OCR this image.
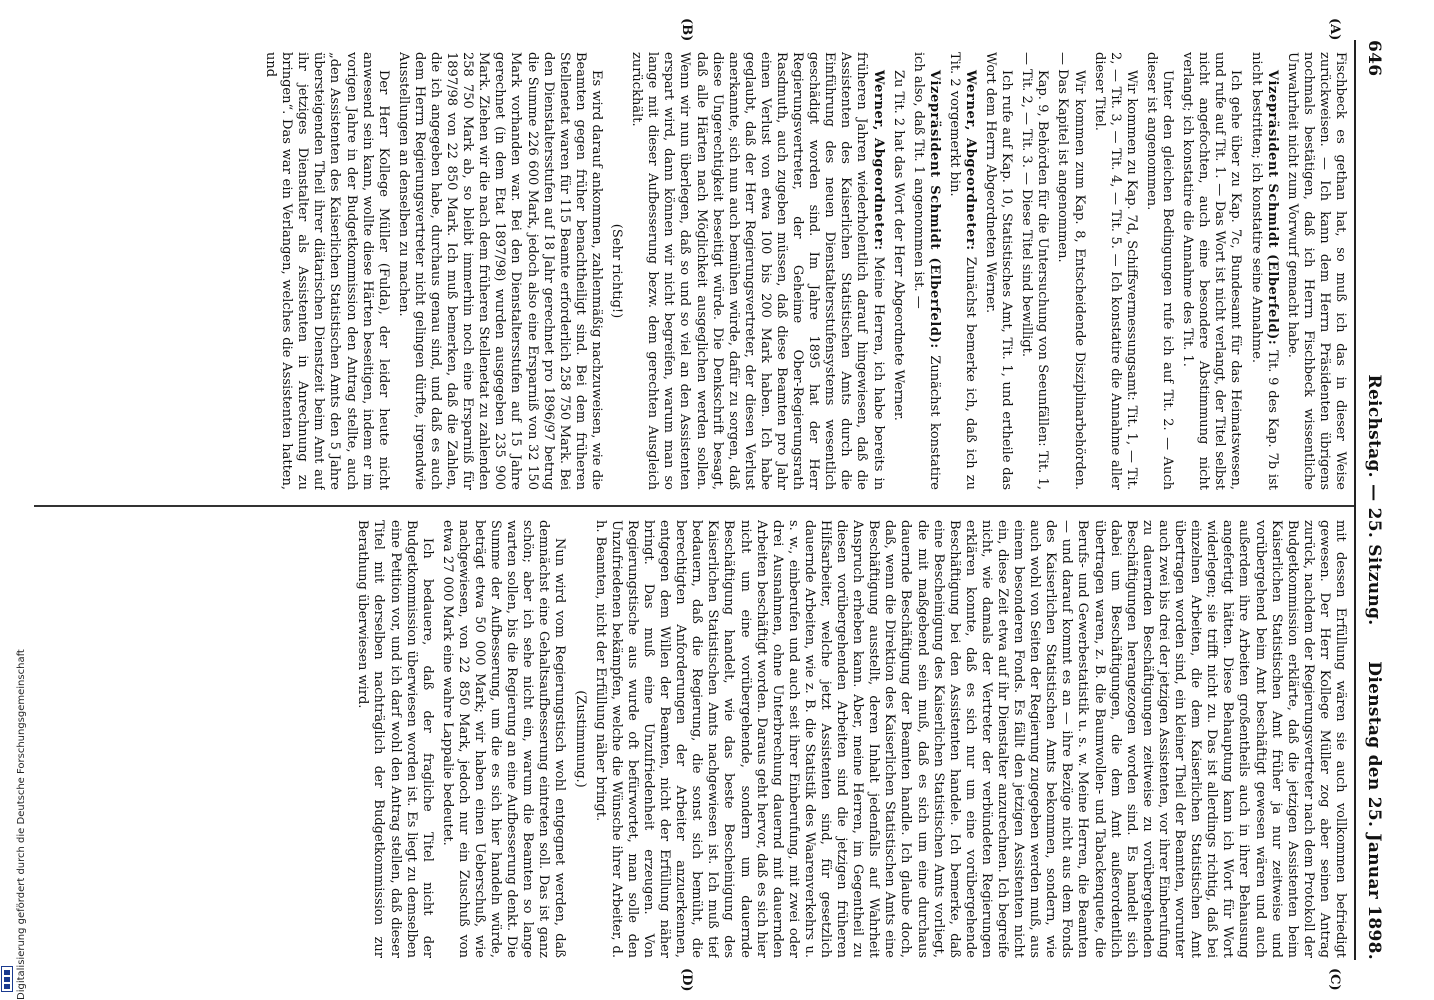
Digitalisierung gefördert durch die Deutsche Forschungsgemeinschaft
646
Reichstag. — 25. Sitzung.
Dienstag den 25. Januar 1898.
(A)
(B)
(C)
(D)

Fischbeck es gethan hat, so muß ich das in dieser Weise zurückweisen. — Ich kann dem Herrn Präsidenten übrigens nochmals bestätigen, daß ich Herrn Fischbeck wissentliche Unwahrheit nicht zum Vorwurf gemacht habe.

Vizepräsident Schmidt (Elberfeld): Tit. 9 des Kap. 7b ist nicht bestritten; ich konstatire seine Annahme.

Ich gehe über zu Kap. 7c, Bundesamt für das Heimatswesen, und rufe auf Tit. 1. — Das Wort ist nicht verlangt, der Titel selbst nicht angefochten, auch eine besondere Abstimmung nicht verlangt; ich konstatire die Annahme des Tit. 1.

Unter den gleichen Bedingungen rufe ich auf Tit. 2. — Auch dieser ist angenommen.

Wir kommen zu Kap. 7d, Schiffsvermessungsamt: Tit. 1, — Tit. 2, — Tit. 3, — Tit. 4, — Tit. 5. — Ich konstatire die Annahme aller dieser Titel.

Wir kommen zum Kap. 8, Entscheidende Disziplinarbehörden. — Das Kapitel ist angenommen.

Kap. 9, Behörden für die Untersuchung von Seeunfällen: Tit. 1, — Tit. 2, — Tit. 3. — Diese Titel sind bewilligt.

Ich rufe auf Kap. 10, Statistisches Amt, Tit. 1, und ertheile das Wort dem Herrn Abgeordneten Werner.

Werner, Abgeordneter: Zunächst bemerke ich, daß ich zu Tit. 2 vorgemerkt bin.

Vizepräsident Schmidt (Elberfeld): Zunächst konstatire ich also, daß Tit. 1 angenommen ist. —

Zu Tit. 2 hat das Wort der Herr Abgeordnete Werner.

Werner, Abgeordneter: Meine Herren, ich habe bereits in früheren Jahren wiederholentlich darauf hingewiesen, daß die Assistenten des Kaiserlichen Statistischen Amts durch die Einführung des neuen Dienstaltersstufensystems wesentlich geschädigt worden sind. Im Jahre 1895 hat der Herr Regierungsvertreter, der Geheime Ober-Regierungsrath Rasdmuth, auch zugeben müssen, daß diese Beamten pro Jahr einen Verlust von etwa 100 bis 200 Mark haben. Ich habe geglaubt, daß der Herr Regierungsvertreter, der diesen Verlust anerkannte, sich nun auch bemühen würde, dafür zu sorgen, daß diese Ungerechtigkeit beseitigt würde. Die Denkschrift besagt, daß alle Härten nach Möglichkeit ausgeglichen werden sollen. Wenn wir nun überlegen, daß so und so viel an den Assistenten erspart wird, dann können wir nicht begreifen, warum man so lange mit dieser Aufbesserung bezw. dem gerechten Ausgleich zurückhält.

(Sehr richtig!)

Es wird darauf ankommen, zahlenmäßig nachzuweisen, wie die Beamten gegen früher benachtheiligt sind. Bei dem früheren Stellenetat waren für 115 Beamte erforderlich 258 750 Mark. Bei den Dienstaltersstufen auf 18 Jahr gerechnet pro 1896/97 betrug die Summe 226 600 Mark, jedoch also eine Ersparniß von 32 150 Mark vorhanden war. Bei den Dienstaltersstufen auf 15 Jahre gerechnet (in dem Etat 1897/98) wurden ausgegeben 235 900 Mark. Ziehen wir die nach dem früheren Stellenetat zu zahlenden 258 750 Mark ab, so bleibt immerhin noch eine Ersparniß für 1897/98 von 22 850 Mark. Ich muß bemerken, daß die Zahlen, die ich angegeben habe, durchaus genau sind, und daß es auch dem Herrn Regierungsvertreter nicht gelingen dürfte, irgendwie Ausstellungen an denselben zu machen.

Der Herr Kollege Müller (Fulda), der leider heute nicht anwesend sein kann, wollte diese Härten beseitigen, indem er im vorigen Jahre in der Budgetkommission den Antrag stellte, auch „den Assistenten des Kaiserlichen Statistischen Amts den 5 Jahre übersteigenden Theil ihrer diätarischen Dienstzeit beim Amt auf ihr jetziges Dienstalter als Assistenten in Anrechnung zu bringen“. Das war ein Verlangen, welches die Assistenten hatten, und

mit dessen Erfüllung wären sie auch vollkommen befriedigt gewesen. Der Herr Kollege Müller zog aber seinen Antrag zurück, nachdem der Regierungsvertreter nach dem Protokoll der Budgetkommission erklärte, daß die jetzigen Assistenten beim Kaiserlichen Statistischen Amt früher ja nur zeitweise und vorübergehend beim Amt beschäftigt gewesen wären und auch außerdem ihre Arbeiten großentheils auch in ihrer Behausung angefertigt hätten. Diese Behauptung kann ich Wort für Wort widerlegen; sie trifft nicht zu. Das ist allerdings richtig, daß bei einzelnen Arbeiten, die dem Kaiserlichen Statistischen Amt übertragen worden sind, ein kleiner Theil der Beamten, worunter auch zwei bis drei der jetzigen Assistenten, vor ihrer Einberufung zu dauernden Beschäftigungen zeitweise zu vorübergehenden Beschäftigungen herangezogen worden sind. Es handelt sich dabei um Beschäftigungen, die dem Amt außerordentlich übertragen waren, z. B. die Baumwollen- und Tabackenquete, die Berufs- und Gewerbestatistik u. s. w. Meine Herren, die Beamten — und darauf kommt es an — ihre Bezüge nicht aus dem Fonds des Kaiserlichen Statistischen Amts bekommen, sondern, wie auch wohl von Seiten der Regierung zugegeben werden muß, aus einem besonderen Fonds. Es fällt den jetzigen Assistenten nicht ein, diese Zeit etwa auf ihr Dienstalter anzurechnen. Ich begreife nicht, wie damals der Vertreter der verbündeten Regierungen erklären konnte, daß es sich nur um eine vorübergehende Beschäftigung bei den Assistenten handele. Ich bemerke, daß eine Bescheinigung des Kaiserlichen Statistischen Amts vorliegt, die mit maßgebend sein muß, daß es sich um eine durchaus dauernde Beschäftigung der Beamten handle. Ich glaube doch, daß, wenn die Direktion des Kaiserlichen Statistischen Amts eine Beschäftigung ausstellt, deren Inhalt jedenfalls auf Wahrheit Anspruch erheben kann. Aber, meine Herren, im Gegentheil zu diesen vorübergehenden Arbeiten sind die jetzigen früheren Hilfsarbeiter, welche jetzt Assistenten sind, für gesetzlich dauernde Arbeiten, wie z. B. die Statistik des Waarenverkehrs u. s. w., einberufen und auch seit ihrer Einberufung, mit zwei oder drei Ausnahmen, ohne Unterbrechung dauernd mit dauernden Arbeiten beschäftigt worden. Daraus geht hervor, daß es sich hier nicht um eine vorübergehende, sondern um dauernde Beschäftigung handelt, wie das beste Bescheinigung des Kaiserlichen Statistischen Amts nachgewiesen ist. Ich muß tief bedauern, daß die Regierung, die sonst sich bemüht, die berechtigten Anforderungen der Arbeiter anzuerkennen, entgegen dem Willen der Beamten, nicht der Erfüllung näher bringt. Das muß eine Unzufriedenheit erzeugen. Von Regierungstische aus wurde oft befürwortet, man solle den Unzufriedenen bekämpfen, welche die Wünsche ihrer Arbeiter, d. h. Beamten, nicht der Erfüllung näher bringt.

(Zustimmung.)

Nun wird vom Regierungstisch wohl entgegnet werden, daß demnächst eine Gehaltsaufbesserung eintreten soll. Das ist ganz schön; aber ich sehe nicht ein, warum die Beamten so lange warten sollen, bis die Regierung an eine Aufbesserung denkt. Die Summe der Aufbesserung, um die es sich hier handeln würde, beträgt etwa 50 000 Mark; wir haben einen Ueberschuß, wie nachgewiesen, von 22 850 Mark, jedoch nur ein Zuschuß von etwa 27 000 Mark eine wahre Lappalie bedeutet.

Ich bedauere, daß der fragliche Titel nicht der Budgetkommission überwiesen worden ist. Es liegt zu demselben eine Petition vor, und ich darf wohl den Antrag stellen, daß dieser Titel mit derselben nachträglich der Budgetkommission zur Berathung überwiesen wird.
